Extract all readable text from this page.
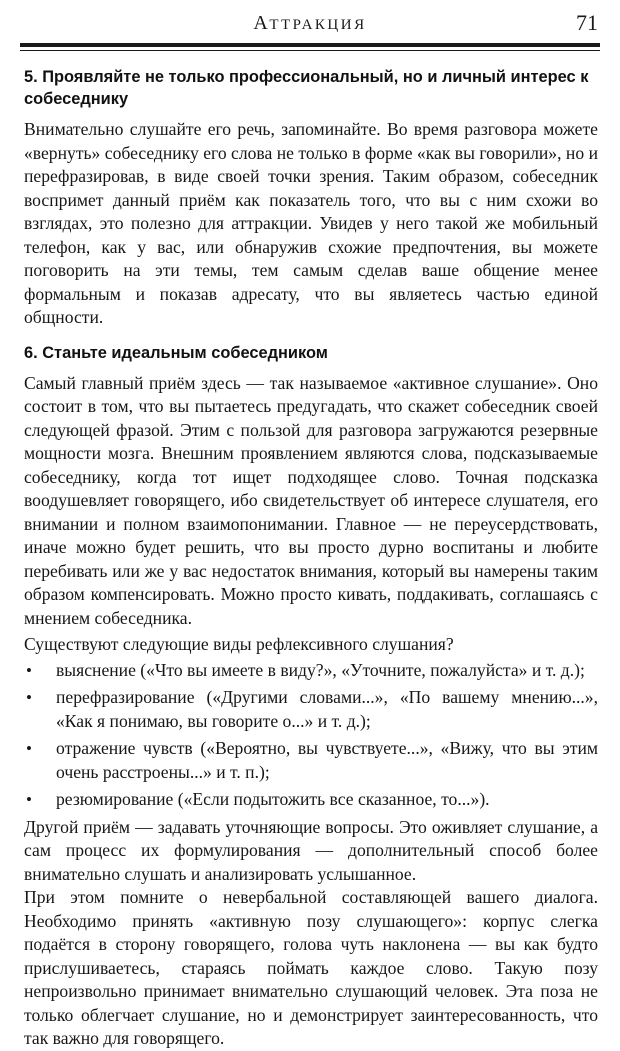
АТТРАКЦИЯ	71
5. Проявляйте не только профессиональный, но и личный интерес к собеседнику

Внимательно слушайте его речь, запоминайте. Во время разговора можете «вернуть» собеседнику его слова не только в форме «как вы говорили», но и перефразировав, в виде своей точки зрения. Таким образом, собеседник воспримет данный приём как показатель того, что вы с ним схожи во взглядах, это полезно для аттракции. Увидев у него такой же мобильный телефон, как у вас, или обнаружив схожие предпочтения, вы можете поговорить на эти темы, тем самым сделав ваше общение менее формальным и показав адресату, что вы являетесь частью единой общности.

6. Станьте идеальным собеседником

Самый главный приём здесь — так называемое «активное слушание». Оно состоит в том, что вы пытаетесь предугадать, что скажет собеседник своей следующей фразой. Этим с пользой для разговора загружаются резервные мощности мозга. Внешним проявлением являются слова, подсказываемые собеседнику, когда тот ищет подходящее слово. Точная подсказка воодушевляет говорящего, ибо свидетельствует об интересе слушателя, его внимании и полном взаимопонимании. Главное — не переусердствовать, иначе можно будет решить, что вы просто дурно воспитаны и любите перебивать или же у вас недостаток внимания, который вы намерены таким образом компенсировать. Можно просто кивать, поддакивать, соглашаясь с мнением собеседника.

Существуют следующие виды рефлексивного слушания?

• выяснение («Что вы имеете в виду?», «Уточните, пожалуйста» и т. д.);
• перефразирование («Другими словами...», «По вашему мнению...», «Как я понимаю, вы говорите о...» и т. д.);
• отражение чувств («Вероятно, вы чувствуете...», «Вижу, что вы этим очень расстроены...» и т. п.);
• резюмирование («Если подытожить все сказанное, то...»).

Другой приём — задавать уточняющие вопросы. Это оживляет слушание, а сам процесс их формулирования — дополнительный способ более внимательно слушать и анализировать услышанное.

При этом помните о невербальной составляющей вашего диалога. Необходимо принять «активную позу слушающего»: корпус слегка подаётся в сторону говорящего, голова чуть наклонена — вы как будто прислушиваетесь, стараясь поймать каждое слово. Такую позу непроизвольно принимает внимательно слушающий человек. Эта поза не только облегчает слушание, но и демонстрирует заинтересованность, что так важно для говорящего.
